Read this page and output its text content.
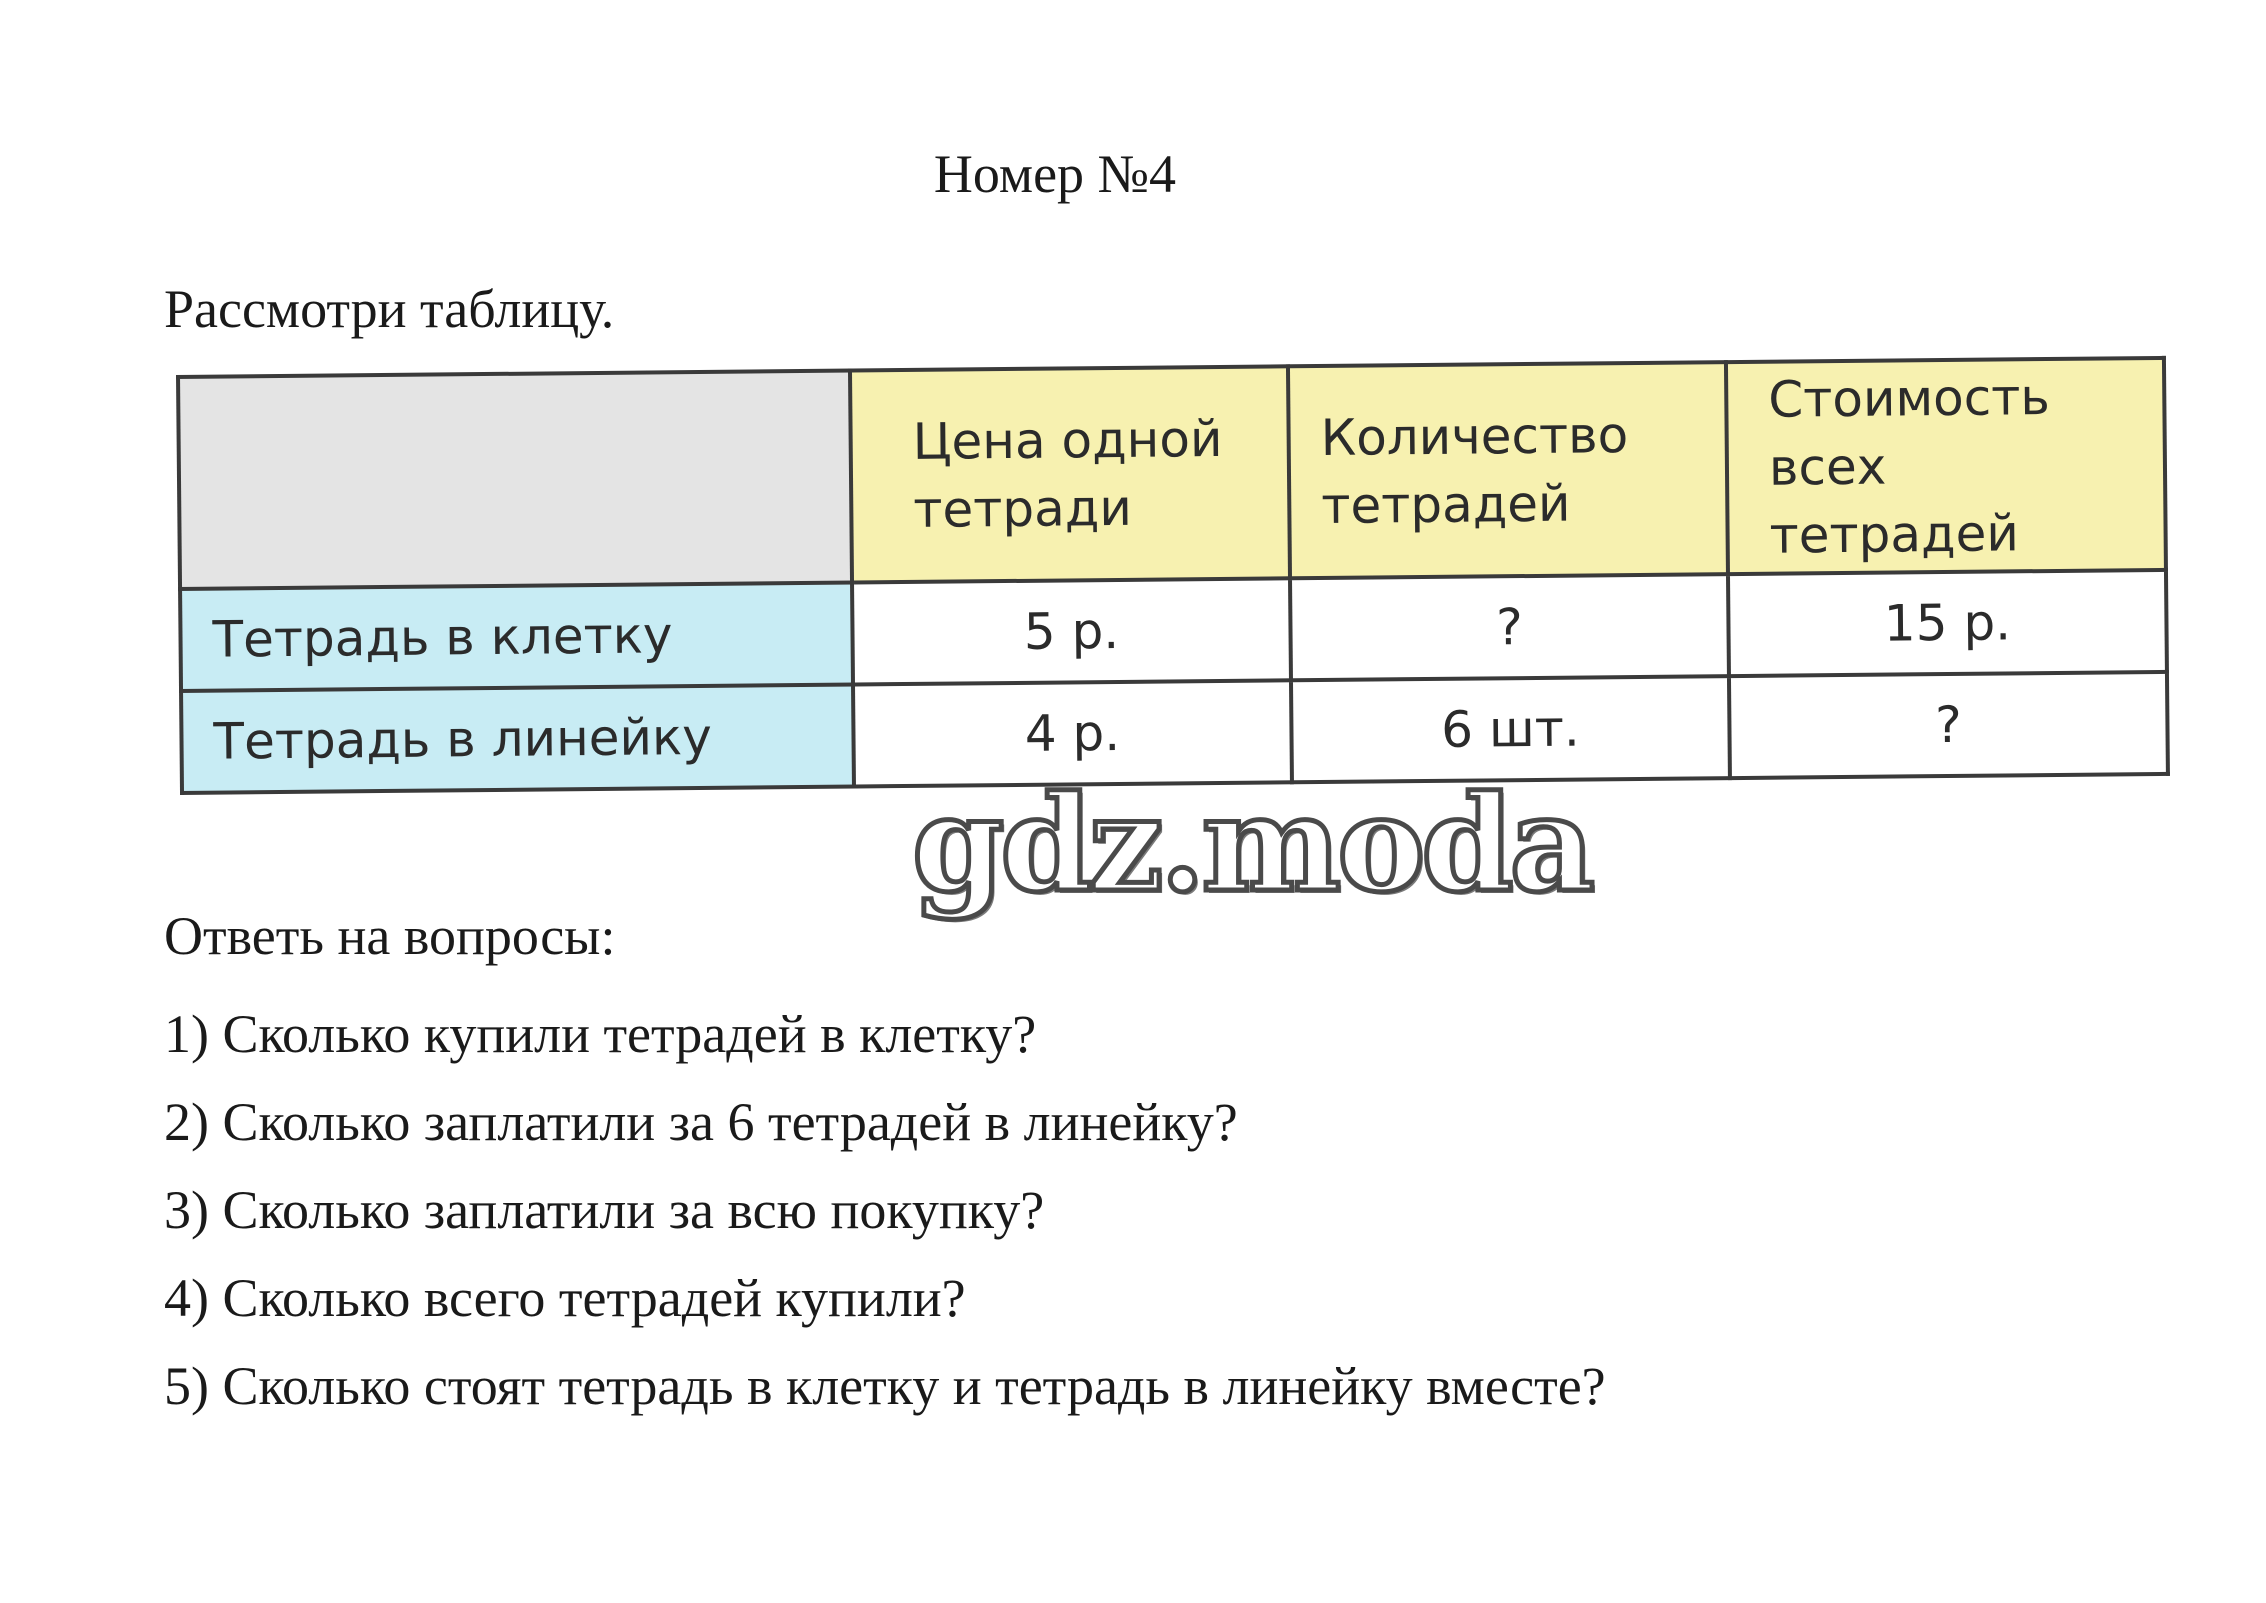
Номер №4
Рассмотри таблицу.
	Цена одной тетради	Количество тетрадей	Стоимость всех тетрадей
Тетрадь в клетку	5 р.	?	15 р.
Тетрадь в линейку	4 р.	6 шт.	?
gdz.moda
Ответь на вопросы:
1) Сколько купили тетрадей в клетку?
2) Сколько заплатили за 6 тетрадей в линейку?
3) Сколько заплатили за всю покупку?
4) Сколько всего тетрадей купили?
5) Сколько стоят тетрадь в клетку и тетрадь в линейку вместе?
